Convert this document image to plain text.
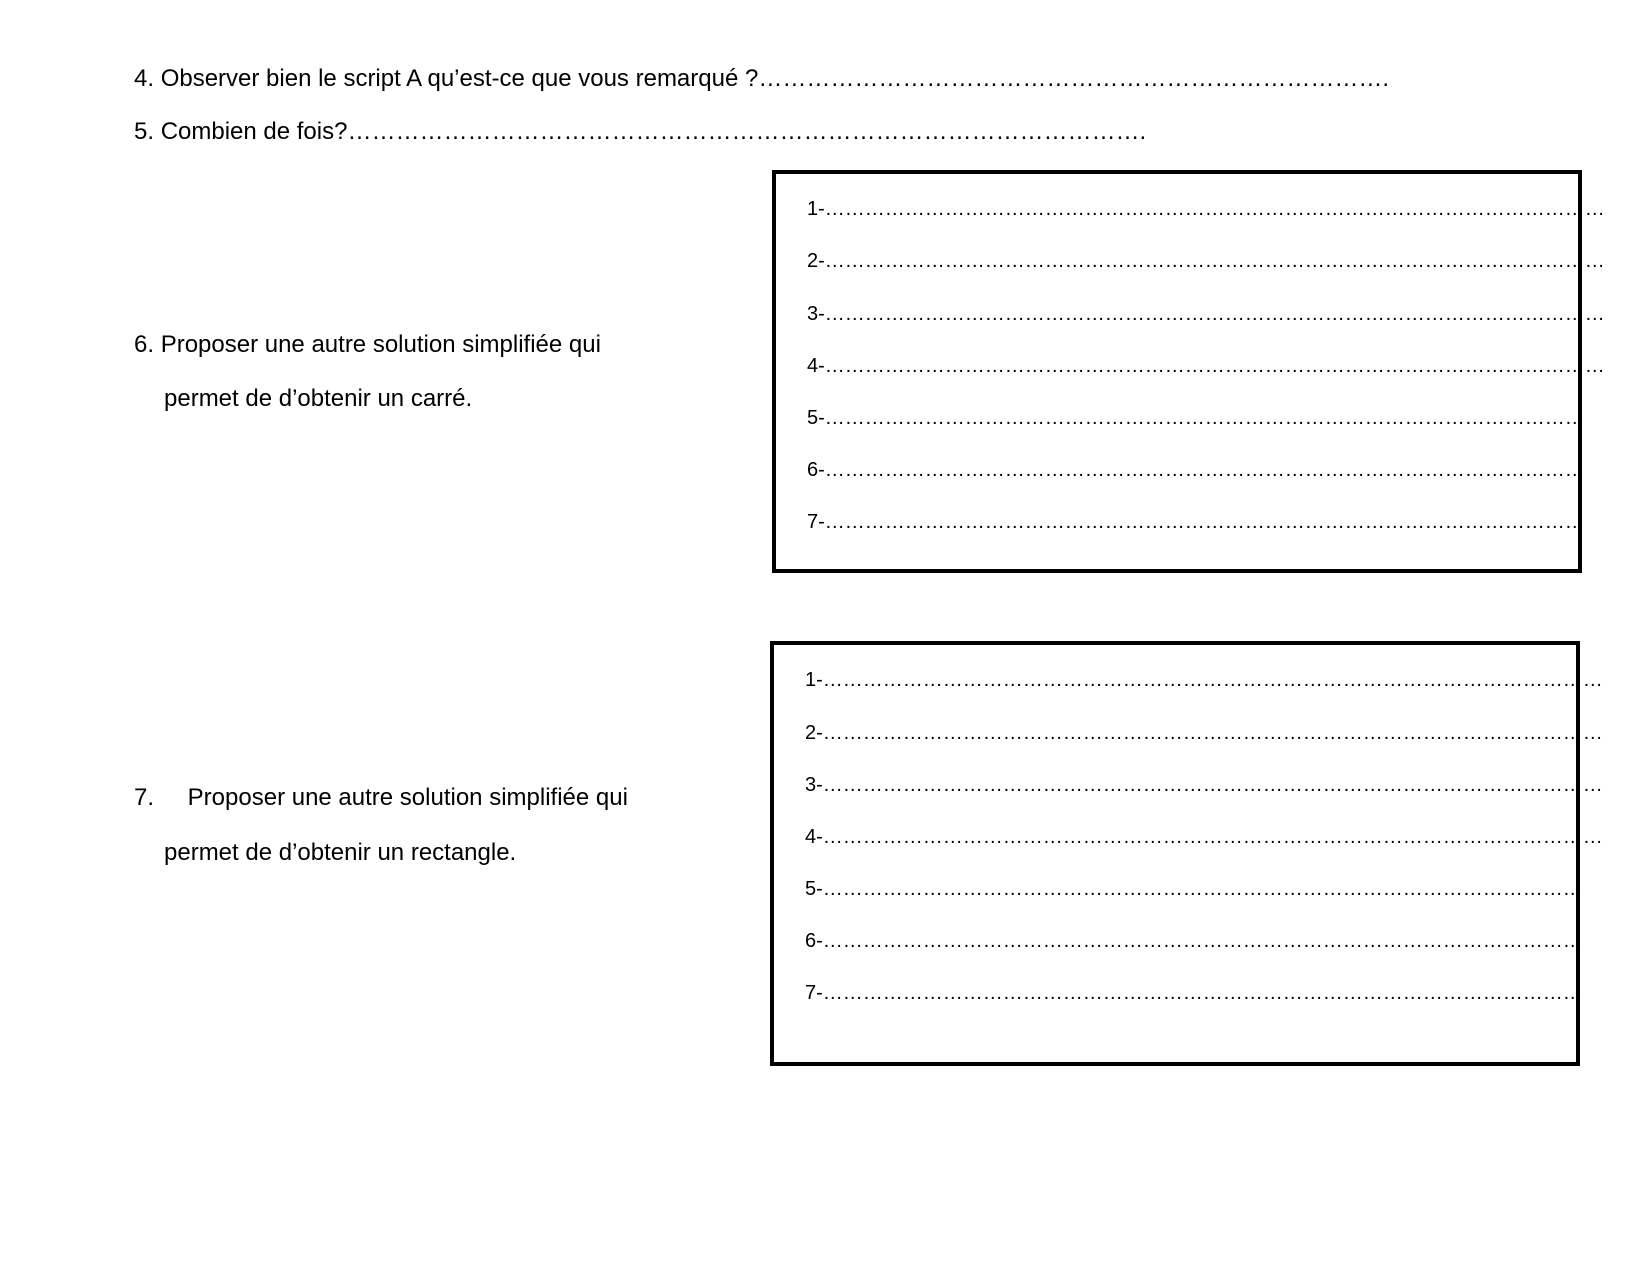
4. Observer bien le script A qu’est-ce que vous remarqué ?…………………………………………………………………….
5. Combien de fois?……………………………………………………………………………………….
6. Proposer une autre solution simplifiée qui
permet de d’obtenir un carré.
1-………………………………………………………………………………………………………
2-………………………………………………………………………………………………………
3-………………………………………………………………………………………………………
4-………………………………………………………………………………………………………
5-……………………………………………………………………………………………………
6-……………………………………………………………………………………………………
7-……………………………………………………………………………………………………
7. Proposer une autre solution simplifiée qui
permet de d’obtenir un rectangle.
1-………………………………………………………………………………………………………
2-………………………………………………………………………………………………………
3-………………………………………………………………………………………………………
4-………………………………………………………………………………………………………
5-……………………………………………………………………………………………………
6-……………………………………………………………………………………………………
7-……………………………………………………………………………………………………
